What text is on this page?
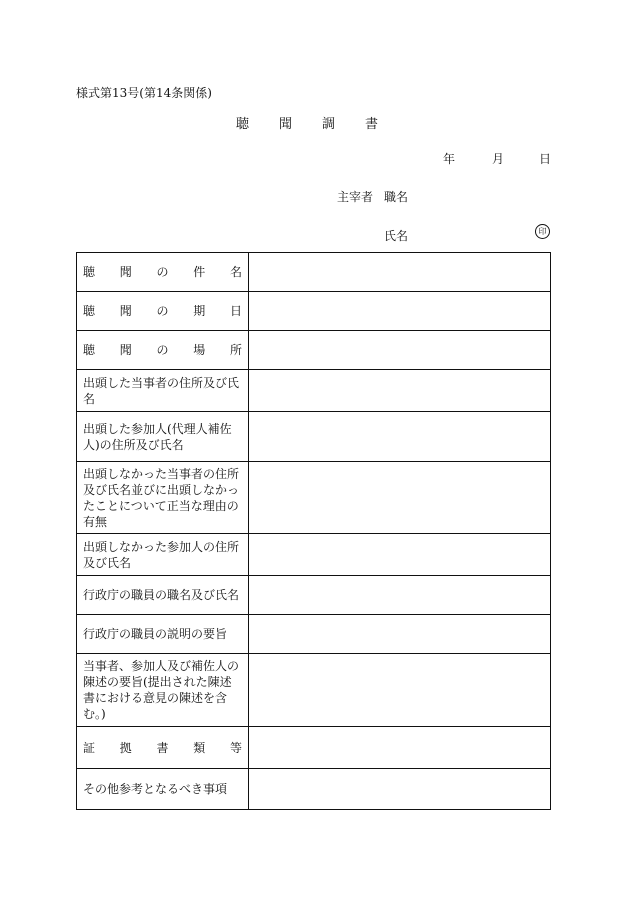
様式第13号(第14条関係)
聴聞調書
年	月	日
主宰者 職名
氏名	印
聴 聞 の 件 名	

聴 聞 の 期 日	

聴 聞 の 場 所	

出頭した当事者の住所及び氏名	
出頭した参加人(代理人補佐人)の住所及び氏名	
出頭しなかった当事者の住所及び氏名並びに出頭しなかったことについて正当な理由の有無	
出頭しなかった参加人の住所及び氏名	
行政庁の職員の職名及び氏名	
行政庁の職員の説明の要旨	
当事者、参加人及び補佐人の陳述の要旨(提出された陳述書における意見の陳述を含む。)	

証 拠 書 類 等	

その他参考となるべき事項	
